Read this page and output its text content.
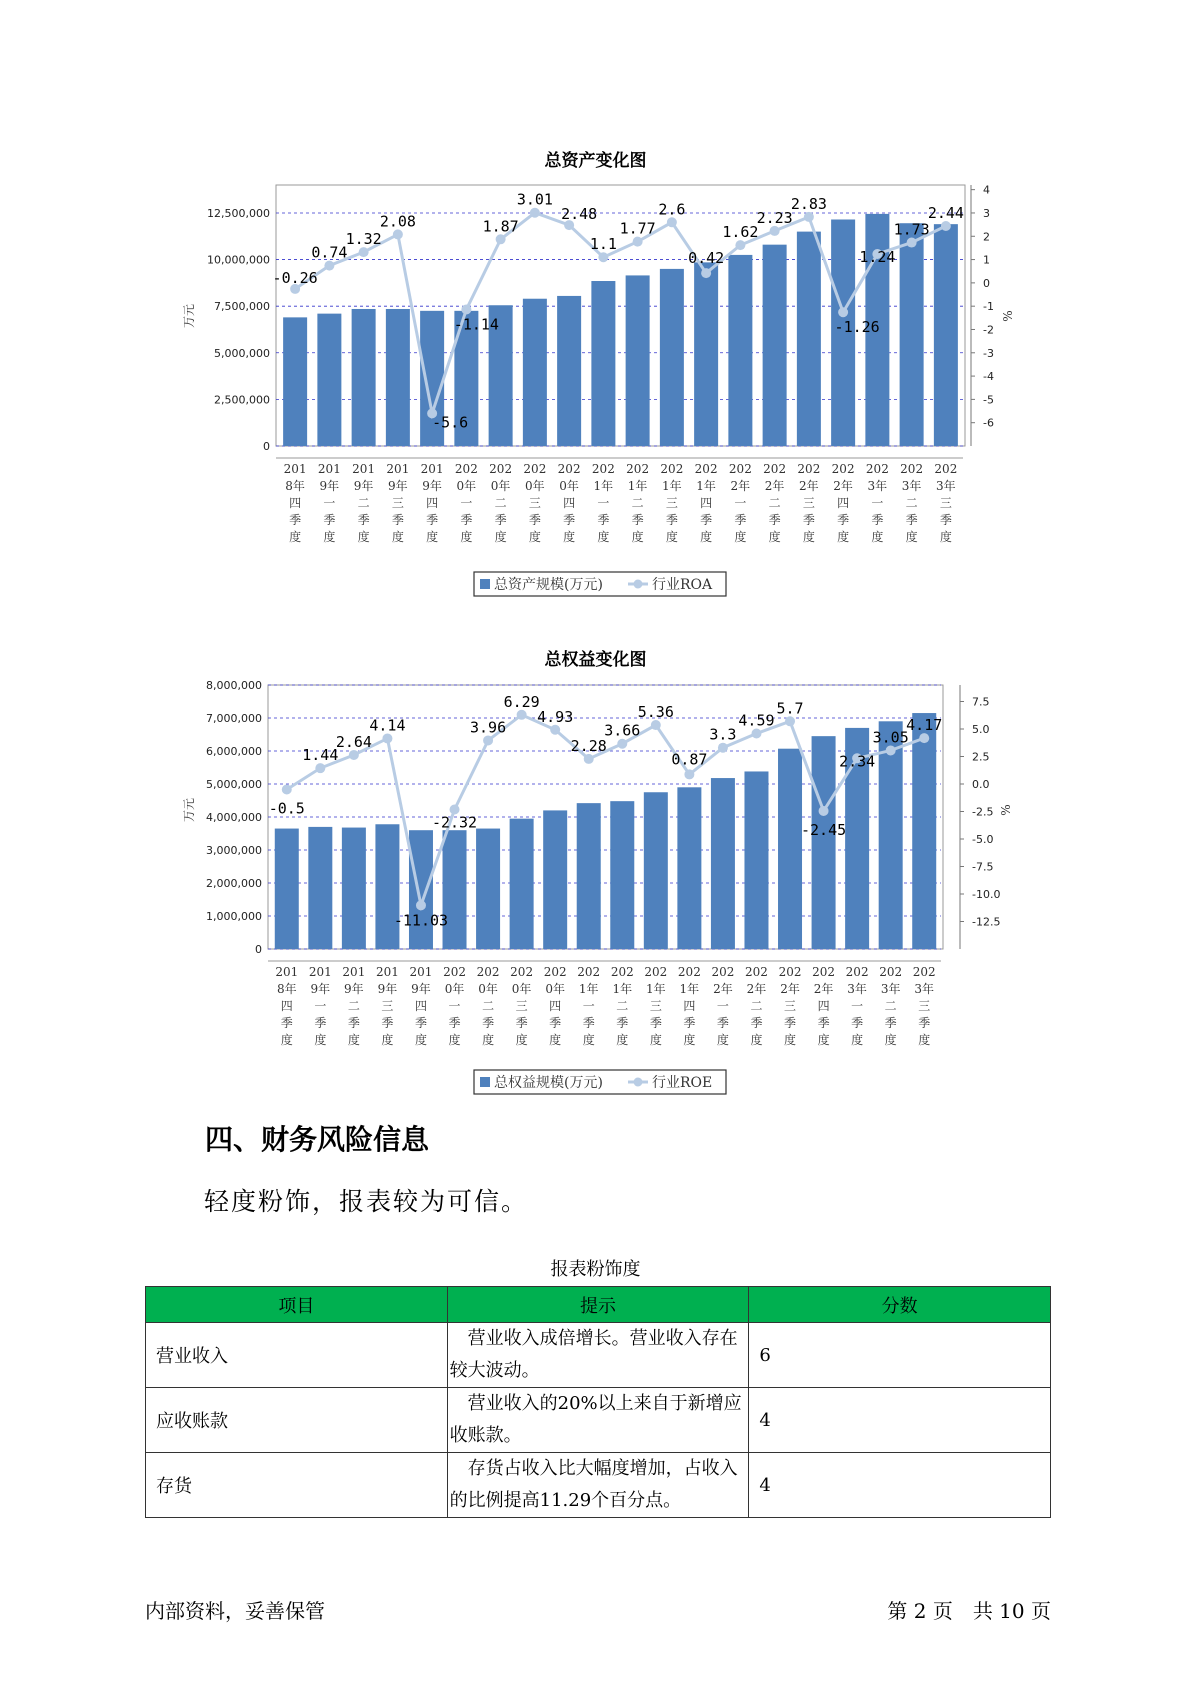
总资产变化图
0
2,500,000
5,000,000
7,500,000
10,000,000
12,500,000
4
3
2
1
0
-1
-2
-3
-4
-5
-6
万元	%
201
8年
四
季
度
201
9年
一
季
度
201
9年
二
季
度
201
9年
三
季
度
201
9年
四
季
度
202
0年
一
季
度
202
0年
二
季
度
202
0年
三
季
度
202
0年
四
季
度
202
1年
一
季
度
202
1年
二
季
度
202
1年
三
季
度
202
1年
四
季
度
202
2年
一
季
度
202
2年
二
季
度
202
2年
三
季
度
202
2年
四
季
度
202
3年
一
季
度
202
3年
二
季
度
202
3年
三
季
度
-0.26
0.74
1.32
2.08
-5.6
-1.14
1.87
3.01
2.48
1.1
1.77
2.6
0.42
1.62
2.23
2.83
-1.26
1.24
1.73
2.44
总资产规模(万元)	行业ROA
总权益变化图
0
1,000,000
2,000,000
3,000,000
4,000,000
5,000,000
6,000,000
7,000,000
8,000,000
7.5
5.0
2.5
0.0
-2.5
-5.0
-7.5
-10.0
-12.5
万元	%
201
8年
四
季
度
201
9年
一
季
度
201
9年
二
季
度
201
9年
三
季
度
201
9年
四
季
度
202
0年
一
季
度
202
0年
二
季
度
202
0年
三
季
度
202
0年
四
季
度
202
1年
一
季
度
202
1年
二
季
度
202
1年
三
季
度
202
1年
四
季
度
202
2年
一
季
度
202
2年
二
季
度
202
2年
三
季
度
202
2年
四
季
度
202
3年
一
季
度
202
3年
二
季
度
202
3年
三
季
度
-0.5
1.44
2.64
4.14
-11.03
-2.32
3.96
6.29
4.93
2.28
3.66
5.36
0.87
3.3
4.59
5.7
-2.45
2.34
3.05
4.17
总权益规模(万元)	行业ROE
四、财务风险信息
轻度粉饰，报表较为可信。
报表粉饰度
项目	提示	分数
营业收入	营业收入成倍增长。营业收入存在较大波动。	6
应收账款	营业收入的20%以上来自于新增应收账款。	4
存货	存货占收入比大幅度增加，占收入的比例提高11.29个百分点。	4
内部资料，妥善保管	第 2 页　共 10 页
